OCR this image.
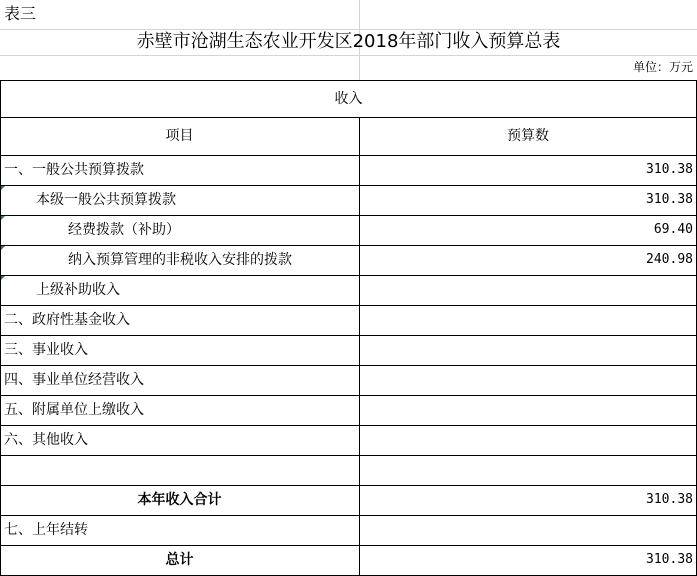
表三
赤壁市沧湖生态农业开发区2018年部门收入预算总表
单位：万元
收入
项目	预算数
一、一般公共预算拨款	310.38
本级一般公共预算拨款	310.38
经费拨款（补助）	69.40
纳入预算管理的非税收入安排的拨款	240.98
上级补助收入
二、政府性基金收入
三、事业收入
四、事业单位经营收入
五、附属单位上缴收入
六、其他收入
本年收入合计	310.38
七、上年结转
总计	310.38
